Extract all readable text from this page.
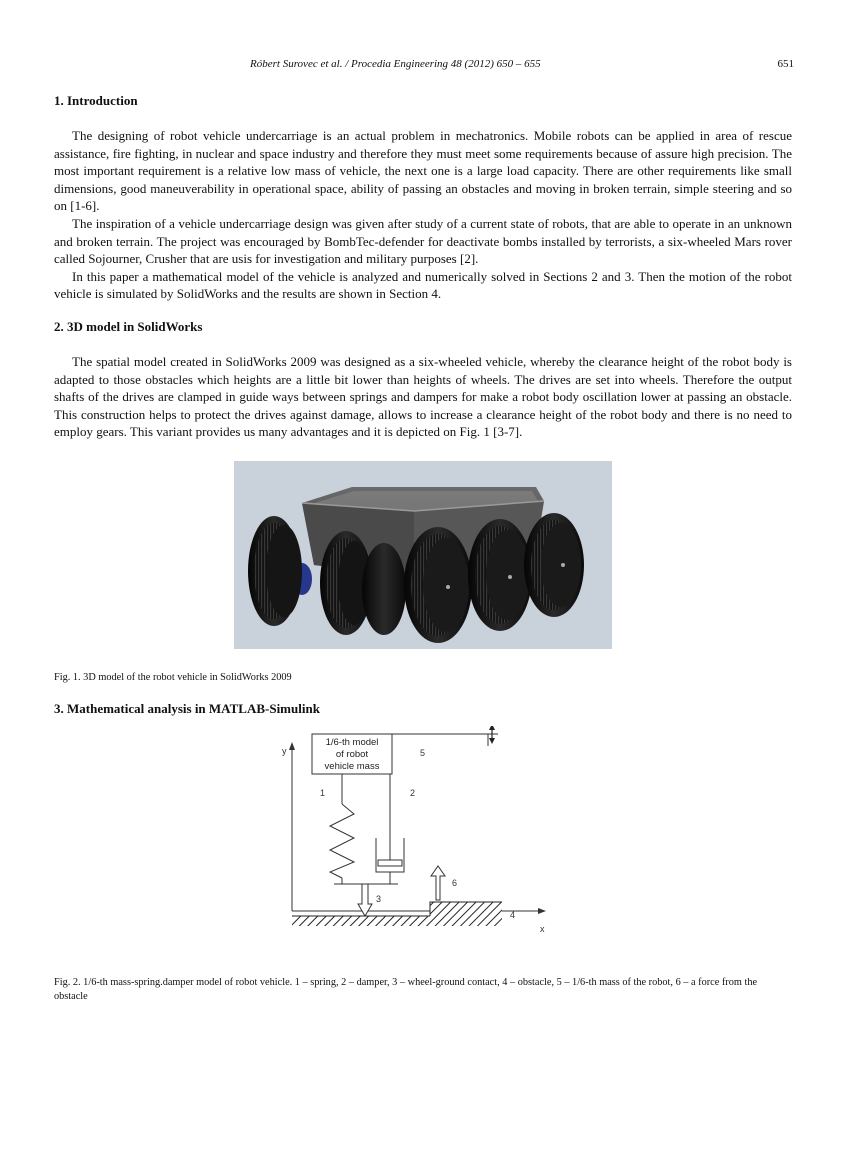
Róbert Surovec et al. / Procedia Engineering 48 (2012) 650 – 655	651
1. Introduction

The designing of robot vehicle undercarriage is an actual problem in mechatronics. Mobile robots can be applied in area of rescue assistance, fire fighting, in nuclear and space industry and therefore they must meet some requirements because of assure high precision. The most important requirement is a relative low mass of vehicle, the next one is a large load capacity. There are other requirements like small dimensions, good maneuverability in operational space, ability of passing an obstacles and moving in broken terrain, simple steering and so on [1-6].

The inspiration of a vehicle undercarriage design was given after study of a current state of robots, that are able to operate in an unknown and broken terrain. The project was encouraged by BombTec-defender for deactivate bombs installed by terrorists, a six-wheeled Mars rover called Sojourner, Crusher that are usis for investigation and military purposes [2].

In this paper a mathematical model of the vehicle is analyzed and numerically solved in Sections 2 and 3. Then the motion of the robot vehicle is simulated by SolidWorks and the results are shown in Section 4.

2. 3D model in SolidWorks

The spatial model created in SolidWorks 2009 was designed as a six-wheeled vehicle, whereby the clearance height of the robot body is adapted to those obstacles which heights are a little bit lower than heights of wheels. The drives are set into wheels. Therefore the output shafts of the drives are clamped in guide ways between springs and dampers for make a robot body oscillation lower at passing an obstacle. This construction helps to protect the drives against damage, allows to increase a clearance height of the robot body and there is no need to employ gears. This variant provides us many advantages and it is depicted on Fig. 1 [3-7].

Fig. 1. 3D model of the robot vehicle in SolidWorks 2009

3. Mathematical analysis in MATLAB-Simulink
y
x
1/6-th model
of robot
vehicle mass
5
1	2
3
4
6

Fig. 2. 1/6-th mass-spring.damper model of robot vehicle. 1 – spring, 2 – damper, 3 – wheel-ground contact, 4 – obstacle, 5 – 1/6-th mass of the robot, 6 – a force from the obstacle
